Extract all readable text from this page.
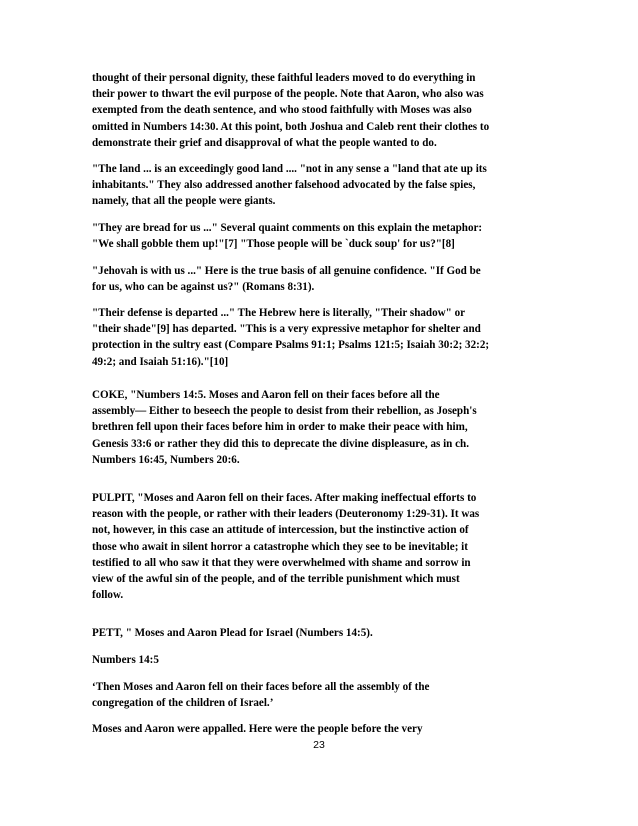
thought of their personal dignity, these faithful leaders moved to do everything in
their power to thwart the evil purpose of the people. Note that Aaron, who also was
exempted from the death sentence, and who stood faithfully with Moses was also
omitted in Numbers 14:30. At this point, both Joshua and Caleb rent their clothes to
demonstrate their grief and disapproval of what the people wanted to do.

"The land ... is an exceedingly good land .... "not in any sense a "land that ate up its
inhabitants." They also addressed another falsehood advocated by the false spies,
namely, that all the people were giants.

"They are bread for us ..." Several quaint comments on this explain the metaphor:
"We shall gobble them up!"[7] "Those people will be `duck soup' for us?"[8]

"Jehovah is with us ..." Here is the true basis of all genuine confidence. "If God be
for us, who can be against us?" (Romans 8:31).

"Their defense is departed ..." The Hebrew here is literally, "Their shadow" or
"their shade"[9] has departed. "This is a very expressive metaphor for shelter and
protection in the sultry east (Compare Psalms 91:1; Psalms 121:5; Isaiah 30:2; 32:2;
49:2; and Isaiah 51:16)."[10]

COKE, "Numbers 14:5. Moses and Aaron fell on their faces before all the
assembly— Either to beseech the people to desist from their rebellion, as Joseph's
brethren fell upon their faces before him in order to make their peace with him,
Genesis 33:6 or rather they did this to deprecate the divine displeasure, as in ch.
Numbers 16:45, Numbers 20:6.

PULPIT, "Moses and Aaron fell on their faces. After making ineffectual efforts to
reason with the people, or rather with their leaders (Deuteronomy 1:29-31). It was
not, however, in this case an attitude of intercession, but the instinctive action of
those who await in silent horror a catastrophe which they see to be inevitable; it
testified to all who saw it that they were overwhelmed with shame and sorrow in
view of the awful sin of the people, and of the terrible punishment which must
follow.

PETT, " Moses and Aaron Plead for Israel (Numbers 14:5).

Numbers 14:5

‘Then Moses and Aaron fell on their faces before all the assembly of the
congregation of the children of Israel.’

Moses and Aaron were appalled. Here were the people before the very

23
